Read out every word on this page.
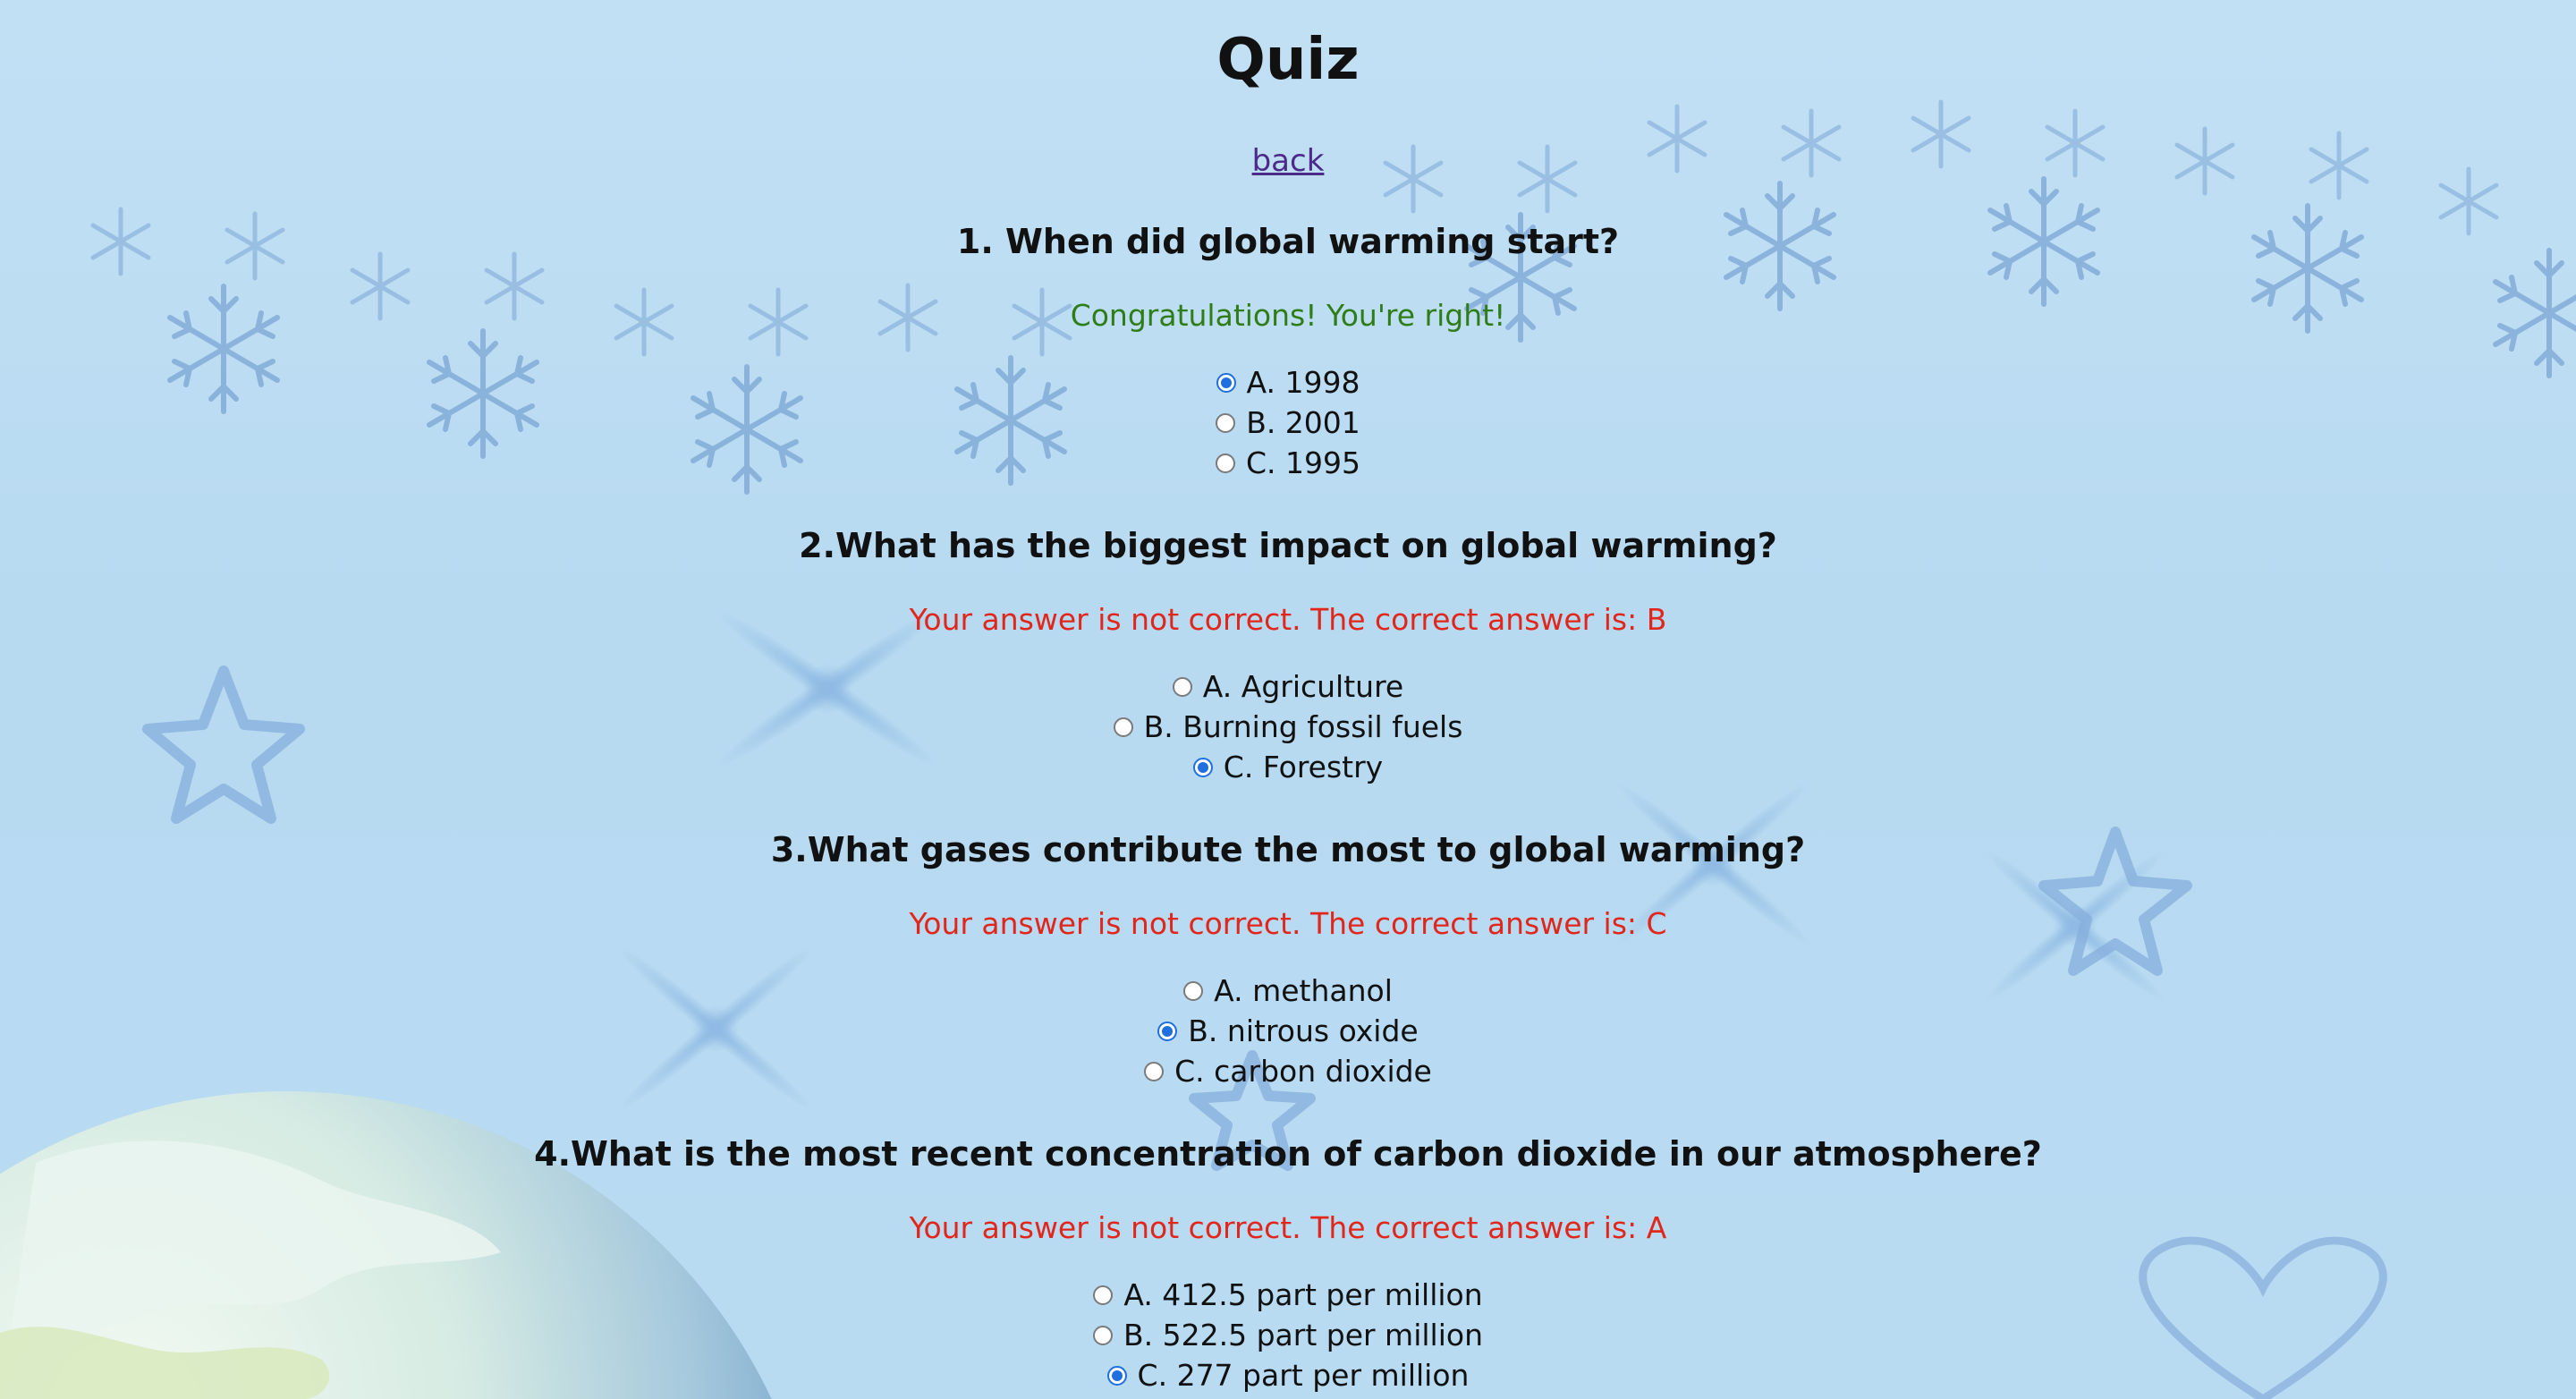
Quiz
back
1. When did global warming start?
Congratulations! You're right!
A. 1998
B. 2001
C. 1995
2.What has the biggest impact on global warming?
Your answer is not correct. The correct answer is: B
A. Agriculture
B. Burning fossil fuels
C. Forestry
3.What gases contribute the most to global warming?
Your answer is not correct. The correct answer is: C
A. methanol
B. nitrous oxide
C. carbon dioxide
4.What is the most recent concentration of carbon dioxide in our atmosphere?
Your answer is not correct. The correct answer is: A
A. 412.5 part per million
B. 522.5 part per million
C. 277 part per million
